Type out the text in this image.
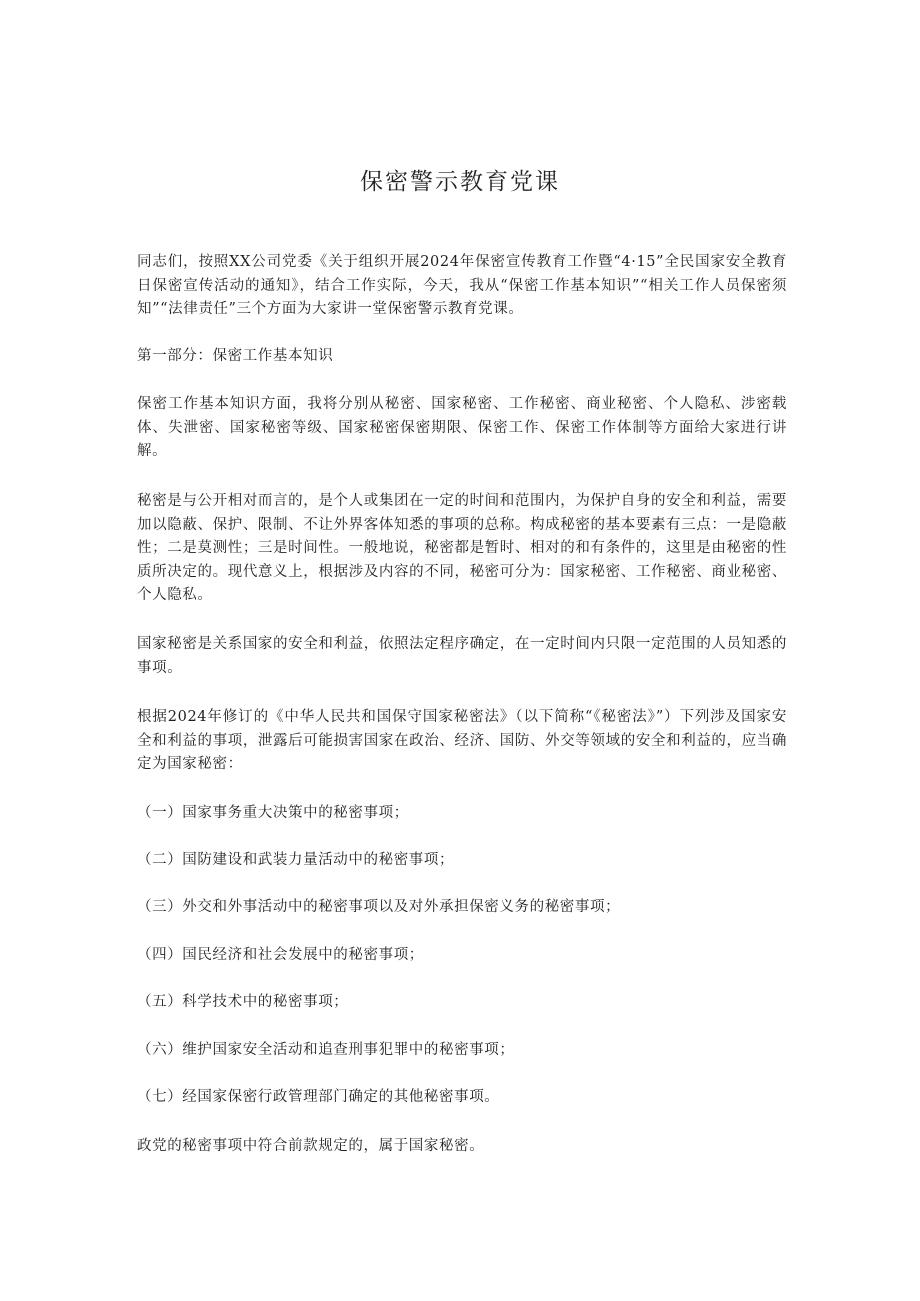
保密警示教育党课
同志们，按照XX公司党委《关于组织开展2024年保密宣传教育工作暨“4·15”全民国家安全教育日保密宣传活动的通知》，结合工作实际，今天，我从“保密工作基本知识”“相关工作人员保密须知”“法律责任”三个方面为大家讲一堂保密警示教育党课。
第一部分：保密工作基本知识
保密工作基本知识方面，我将分别从秘密、国家秘密、工作秘密、商业秘密、个人隐私、涉密载体、失泄密、国家秘密等级、国家秘密保密期限、保密工作、保密工作体制等方面给大家进行讲解。
秘密是与公开相对而言的，是个人或集团在一定的时间和范围内，为保护自身的安全和利益，需要加以隐蔽、保护、限制、不让外界客体知悉的事项的总称。构成秘密的基本要素有三点：一是隐蔽性；二是莫测性；三是时间性。一般地说，秘密都是暂时、相对的和有条件的，这里是由秘密的性质所决定的。现代意义上，根据涉及内容的不同，秘密可分为：国家秘密、工作秘密、商业秘密、个人隐私。
国家秘密是关系国家的安全和利益，依照法定程序确定，在一定时间内只限一定范围的人员知悉的事项。
根据2024年修订的《中华人民共和国保守国家秘密法》（以下简称“《秘密法》”）下列涉及国家安全和利益的事项，泄露后可能损害国家在政治、经济、国防、外交等领域的安全和利益的，应当确定为国家秘密：
（一）国家事务重大决策中的秘密事项；
（二）国防建设和武装力量活动中的秘密事项；
（三）外交和外事活动中的秘密事项以及对外承担保密义务的秘密事项；
（四）国民经济和社会发展中的秘密事项；
（五）科学技术中的秘密事项；
（六）维护国家安全活动和追查刑事犯罪中的秘密事项；
（七）经国家保密行政管理部门确定的其他秘密事项。
政党的秘密事项中符合前款规定的，属于国家秘密。
